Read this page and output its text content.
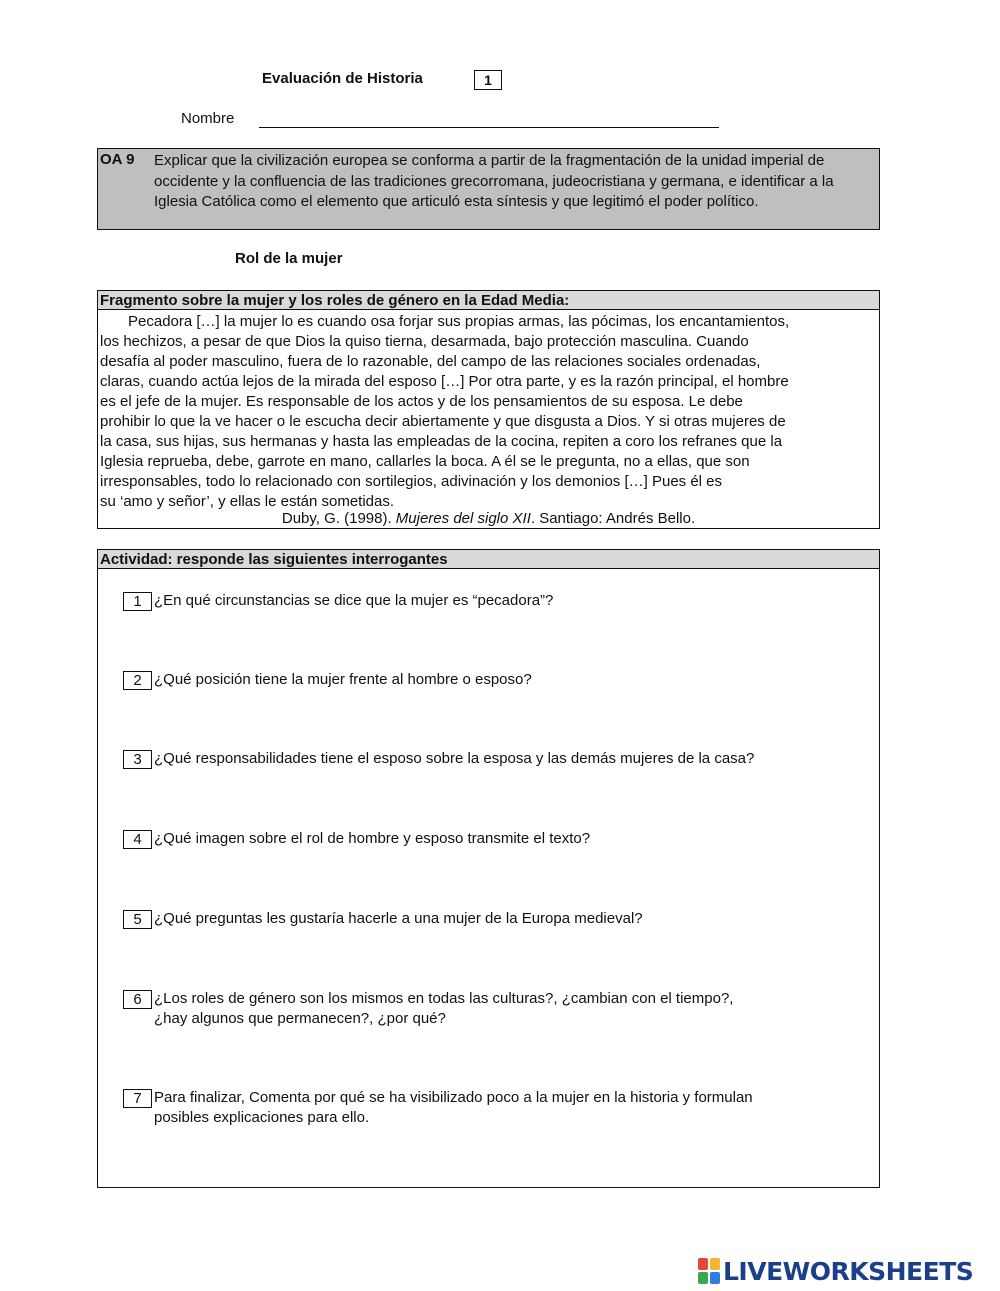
Evaluación de Historia	1
Nombre
OA 9 Explicar que la civilización europea se conforma a partir de la fragmentación de la unidad imperial de occidente y la confluencia de las tradiciones grecorromana, judeocristiana y germana, e identificar a la Iglesia Católica como el elemento que articuló esta síntesis y que legitimó el poder político.
Rol de la mujer
Fragmento sobre la mujer y los roles de género en la Edad Media:

Pecadora […] la mujer lo es cuando osa forjar sus propias armas, las pócimas, los encantamientos,

los hechizos, a pesar de que Dios la quiso tierna, desarmada, bajo protección masculina. Cuando

desafía al poder masculino, fuera de lo razonable, del campo de las relaciones sociales ordenadas,

claras, cuando actúa lejos de la mirada del esposo […] Por otra parte, y es la razón principal, el hombre

es el jefe de la mujer. Es responsable de los actos y de los pensamientos de su esposa. Le debe

prohibir lo que la ve hacer o le escucha decir abiertamente y que disgusta a Dios. Y si otras mujeres de

la casa, sus hijas, sus hermanas y hasta las empleadas de la cocina, repiten a coro los refranes que la

Iglesia reprueba, debe, garrote en mano, callarles la boca. A él se le pregunta, no a ellas, que son

irresponsables, todo lo relacionado con sortilegios, adivinación y los demonios […] Pues él es

su ‘amo y señor’, y ellas le están sometidas.

Duby, G. (1998). Mujeres del siglo XII. Santiago: Andrés Bello.
Actividad: responde las siguientes interrogantes
1 ¿En qué circunstancias se dice que la mujer es “pecadora”?
2 ¿Qué posición tiene la mujer frente al hombre o esposo?
3 ¿Qué responsabilidades tiene el esposo sobre la esposa y las demás mujeres de la casa?
4 ¿Qué imagen sobre el rol de hombre y esposo transmite el texto?
5 ¿Qué preguntas les gustaría hacerle a una mujer de la Europa medieval?
6 ¿Los roles de género son los mismos en todas las culturas?, ¿cambian con el tiempo?,
¿hay algunos que permanecen?, ¿por qué?
7 Para finalizar, Comenta por qué se ha visibilizado poco a la mujer en la historia y formulan
posibles explicaciones para ello.
LIVEWORKSHEETS
